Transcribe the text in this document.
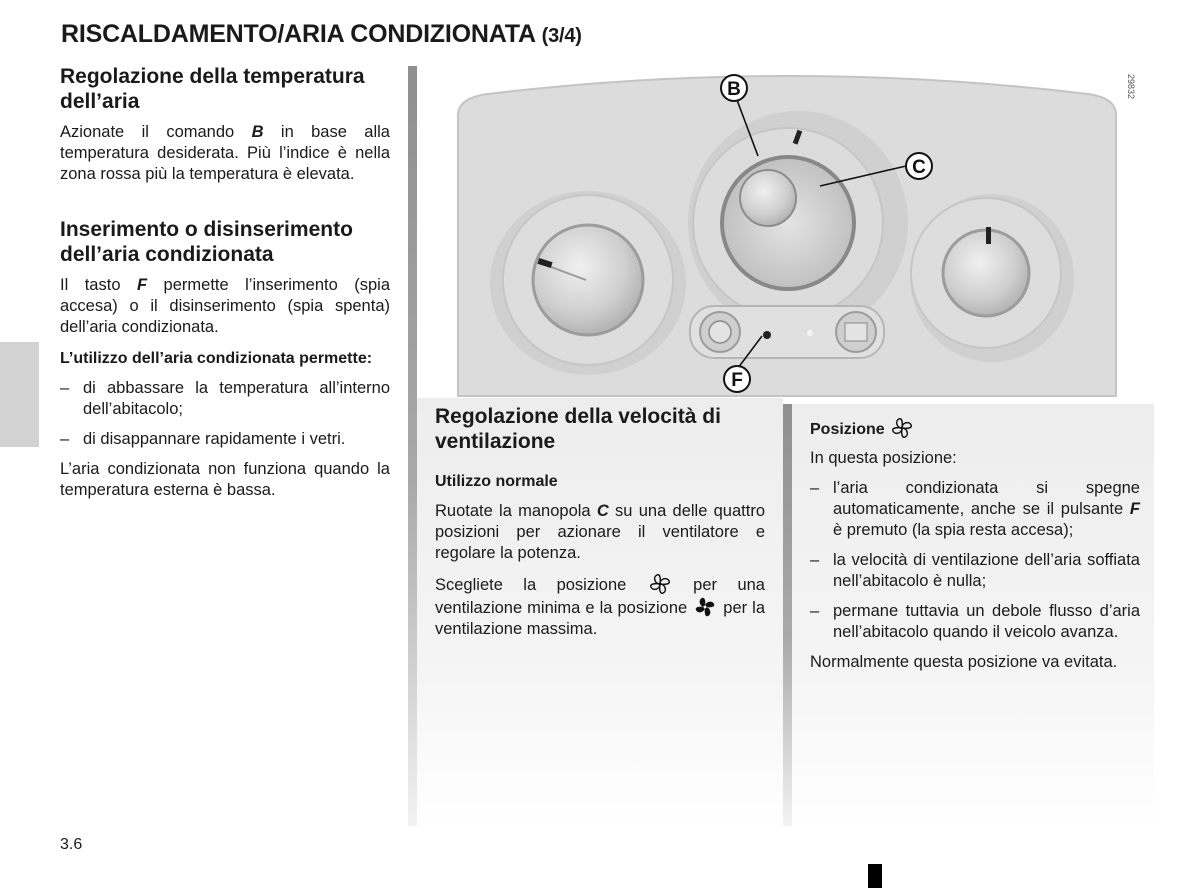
RISCALDAMENTO/ARIA CONDIZIONATA (3/4)
Regolazione della temperatura dell’aria

Azionate il comando B in base alla temperatura desiderata. Più l’indice è nella zona rossa più la temperatura è elevata.

Inserimento o disinserimento dell’aria condizionata

Il tasto F permette l’inserimento (spia accesa) o il disinserimento (spia spenta) dell’aria condizionata.

L’utilizzo dell’aria condizionata permette:

– di abbassare la temperatura all’interno dell’abitacolo;
– di disappannare rapidamente i vetri.

L’aria condizionata non funziona quando la temperatura esterna è bassa.

B
C
F
29832
Regolazione della velocità di ventilazione

Utilizzo normale

Ruotate la manopola C su una delle quattro posizioni per azionare il ventilatore e regolare la potenza.

Scegliete la posizione	per una ventilazione minima e la posizione per la ventilazione massima.

Posizione

In questa posizione:

– l’aria condizionata si spegne automaticamente, anche se il pulsante F è premuto (la spia resta accesa);
– la velocità di ventilazione dell’aria soffiata nell’abitacolo è nulla;
– permane tuttavia un debole flusso d’aria nell’abitacolo quando il veicolo avanza.

Normalmente questa posizione va evitata.

3.6
